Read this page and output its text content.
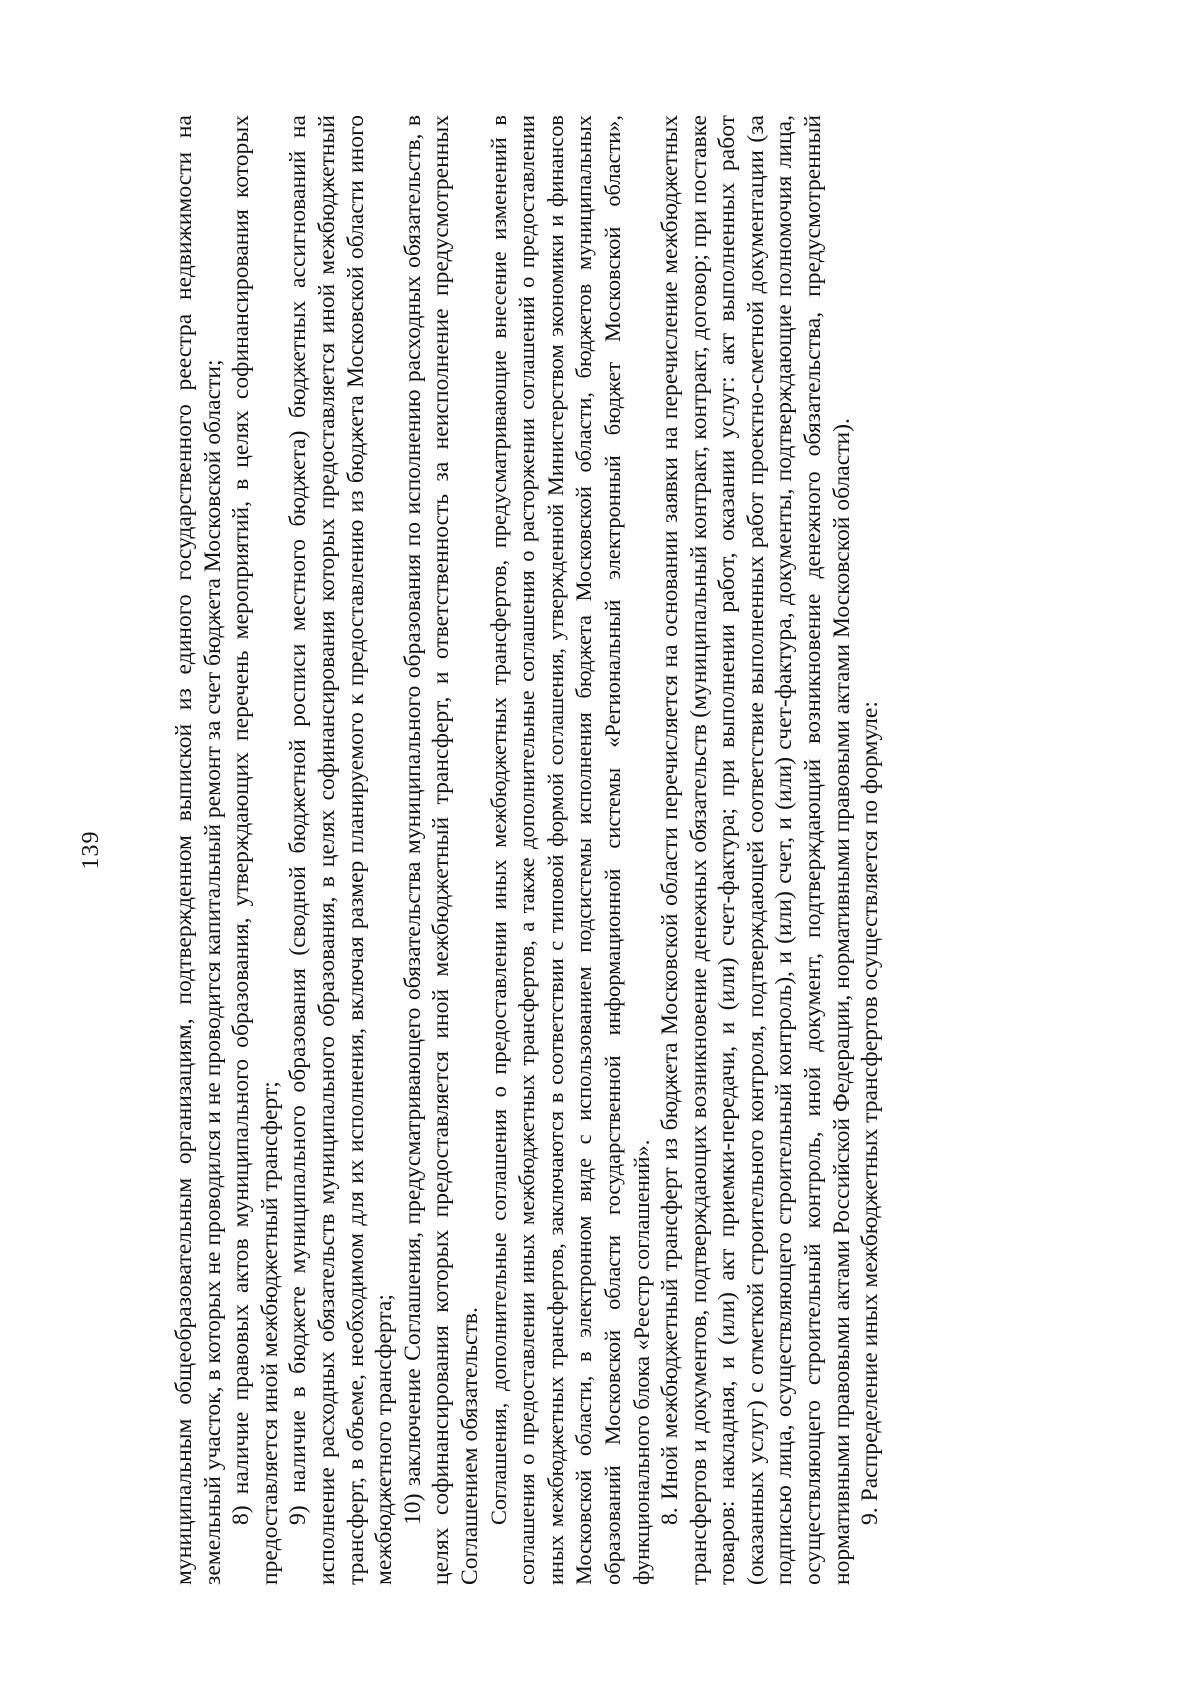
139	муниципальным общеобразовательным организациям, подтвержденном выпиской из единого государственного реестра недвижимости на земельный участок, в которых не проводился и не проводится капитальный ремонт за счет бюджета Московской области; 8) наличие правовых актов муниципального образования, утверждающих перечень мероприятий, в целях софинансирования которых предоставляется иной межбюджетный трансферт; 9) наличие в бюджете муниципального образования (сводной бюджетной росписи местного бюджета) бюджетных ассигнований на исполнение расходных обязательств муниципального образования, в целях софинансирования которых предоставляется иной межбюджетный трансферт, в объеме, необходимом для их исполнения, включая размер планируемого к предоставлению из бюджета Московской области иного межбюджетного трансферта; 10) заключение Соглашения, предусматривающего обязательства муниципального образования по исполнению расходных обязательств, в целях софинансирования которых предоставляется иной межбюджетный трансферт, и ответственность за неисполнение предусмотренных Соглашением обязательств. Соглашения, дополнительные соглашения о предоставлении иных межбюджетных трансфертов, предусматривающие внесение изменений в соглашения о предоставлении иных межбюджетных трансфертов, а также дополнительные соглашения о расторжении соглашений о предоставлении иных межбюджетных трансфертов, заключаются в соответствии с типовой формой соглашения, утвержденной Министерством экономики и финансов Московской области, в электронном виде с использованием подсистемы исполнения бюджета Московской области, бюджетов муниципальных образований Московской области государственной информационной системы «Региональный электронный бюджет Московской области», функционального блока «Реестр соглашений». 8. Иной межбюджетный трансферт из бюджета Московской области перечисляется на основании заявки на перечисление межбюджетных трансфертов и документов, подтверждающих возникновение денежных обязательств (муниципальный контракт, контракт, договор; при поставке товаров: накладная, и (или) акт приемки-передачи, и (или) счет-фактура; при выполнении работ, оказании услуг: акт выполненных работ (оказанных услуг) с отметкой строительного контроля, подтверждающей соответствие выполненных работ проектно-сметной документации (за подписью лица, осуществляющего строительный контроль), и (или) счет, и (или) счет-фактура, документы, подтверждающие полномочия лица, осуществляющего строительный контроль, иной документ, подтверждающий возникновение денежного обязательства, предусмотренный нормативными правовыми актами Российской Федерации, нормативными правовыми актами Московской области). 9. Распределение иных межбюджетных трансфертов осуществляется по формуле:
